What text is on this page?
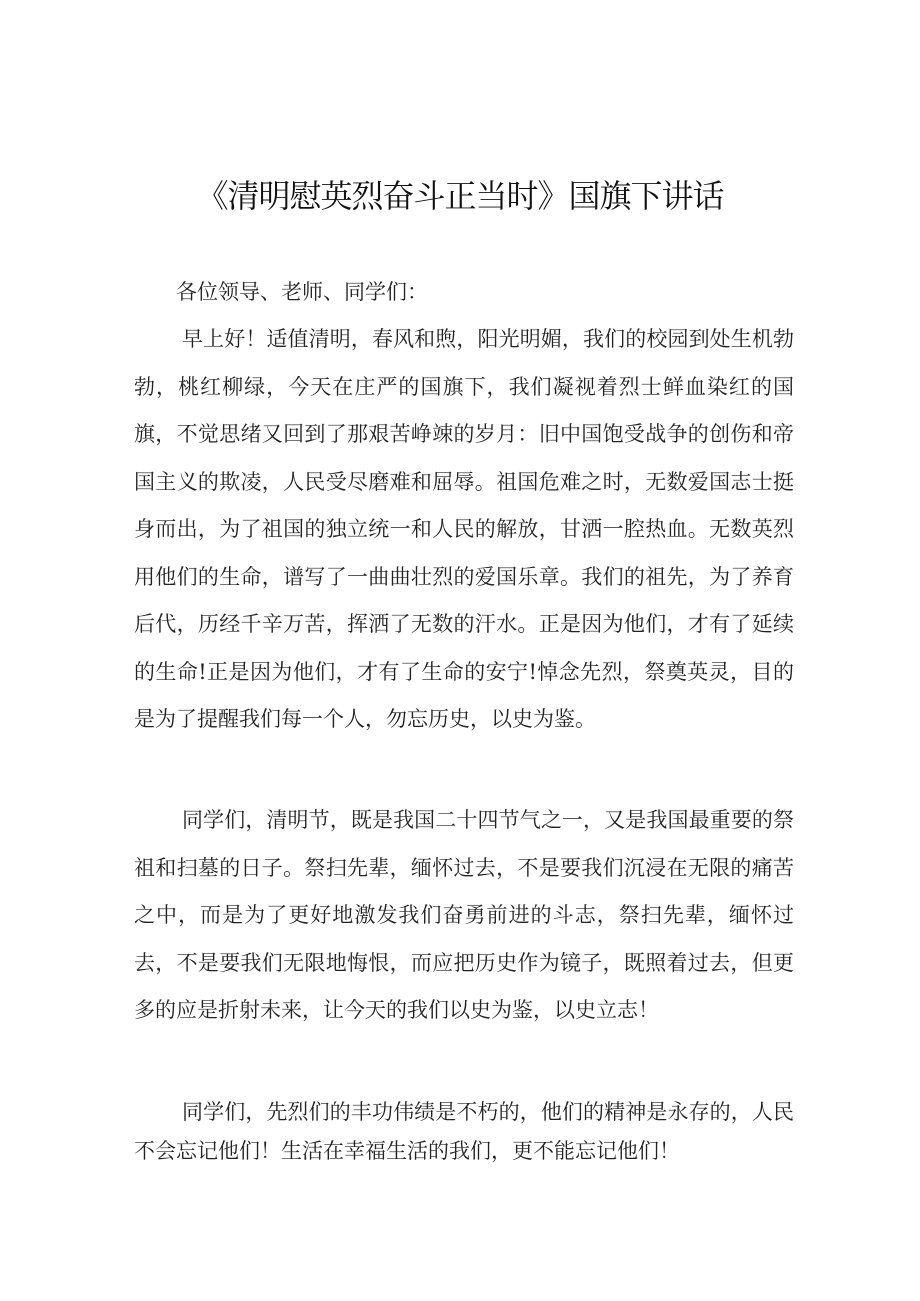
《清明慰英烈奋斗正当时》国旗下讲话

各位领导、老师、同学们：

早上好！适值清明，春风和煦，阳光明媚，我们的校园到处生机勃勃，桃红柳绿，今天在庄严的国旗下，我们凝视着烈士鲜血染红的国旗，不觉思绪又回到了那艰苦峥竦的岁月：旧中国饱受战争的创伤和帝国主义的欺凌，人民受尽磨难和屈辱。祖国危难之时，无数爱国志士挺身而出，为了祖国的独立统一和人民的解放，甘洒一腔热血。无数英烈用他们的生命，谱写了一曲曲壮烈的爱国乐章。我们的祖先，为了养育后代，历经千辛万苦，挥洒了无数的汗水。正是因为他们，才有了延续的生命!正是因为他们，才有了生命的安宁!悼念先烈，祭奠英灵，目的是为了提醒我们每一个人，勿忘历史，以史为鉴。

同学们，清明节，既是我国二十四节气之一，又是我国最重要的祭祖和扫墓的日子。祭扫先辈，缅怀过去，不是要我们沉浸在无限的痛苦之中，而是为了更好地激发我们奋勇前进的斗志，祭扫先辈，缅怀过去，不是要我们无限地悔恨，而应把历史作为镜子，既照着过去，但更多的应是折射未来，让今天的我们以史为鉴，以史立志！

同学们，先烈们的丰功伟绩是不朽的，他们的精神是永存的，人民不会忘记他们！生活在幸福生活的我们，更不能忘记他们！
